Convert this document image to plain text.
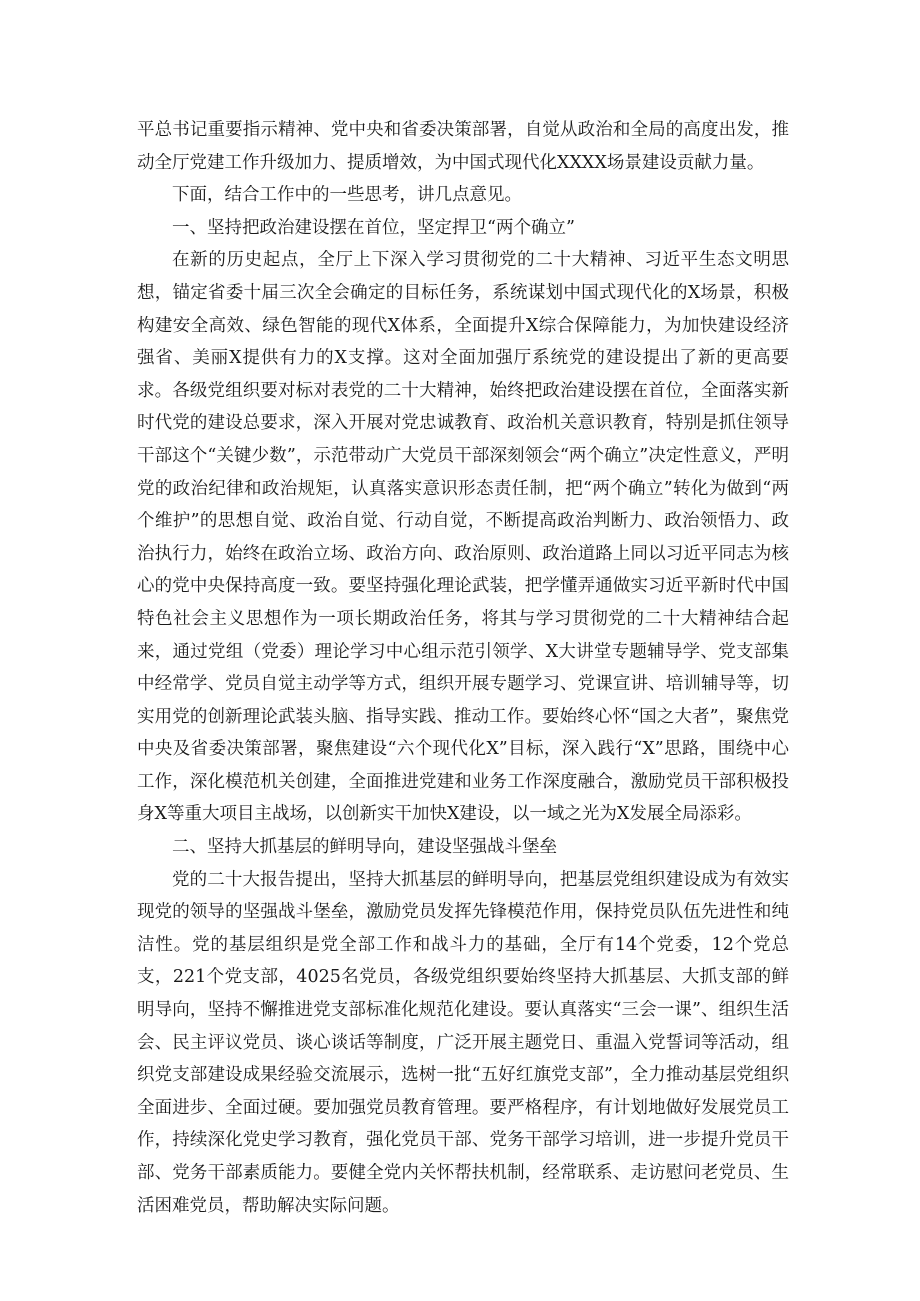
平总书记重要指示精神、党中央和省委决策部署，自觉从政治和全局的高度出发，推动全厅党建工作升级加力、提质增效，为中国式现代化XXXX场景建设贡献力量。

下面，结合工作中的一些思考，讲几点意见。

一、坚持把政治建设摆在首位，坚定捍卫“两个确立”

在新的历史起点，全厅上下深入学习贯彻党的二十大精神、习近平生态文明思想，锚定省委十届三次全会确定的目标任务，系统谋划中国式现代化的X场景，积极构建安全高效、绿色智能的现代X体系，全面提升X综合保障能力，为加快建设经济强省、美丽X提供有力的X支撑。这对全面加强厅系统党的建设提出了新的更高要求。各级党组织要对标对表党的二十大精神，始终把政治建设摆在首位，全面落实新时代党的建设总要求，深入开展对党忠诚教育、政治机关意识教育，特别是抓住领导干部这个“关键少数”，示范带动广大党员干部深刻领会“两个确立”决定性意义，严明党的政治纪律和政治规矩，认真落实意识形态责任制，把“两个确立”转化为做到“两个维护”的思想自觉、政治自觉、行动自觉，不断提高政治判断力、政治领悟力、政治执行力，始终在政治立场、政治方向、政治原则、政治道路上同以习近平同志为核心的党中央保持高度一致。要坚持强化理论武装，把学懂弄通做实习近平新时代中国特色社会主义思想作为一项长期政治任务，将其与学习贯彻党的二十大精神结合起来，通过党组（党委）理论学习中心组示范引领学、X大讲堂专题辅导学、党支部集中经常学、党员自觉主动学等方式，组织开展专题学习、党课宣讲、培训辅导等，切实用党的创新理论武装头脑、指导实践、推动工作。要始终心怀“国之大者”，聚焦党中央及省委决策部署，聚焦建设“六个现代化X”目标，深入践行“X”思路，围绕中心工作，深化模范机关创建，全面推进党建和业务工作深度融合，激励党员干部积极投身X等重大项目主战场，以创新实干加快X建设，以一域之光为X发展全局添彩。

二、坚持大抓基层的鲜明导向，建设坚强战斗堡垒

党的二十大报告提出，坚持大抓基层的鲜明导向，把基层党组织建设成为有效实现党的领导的坚强战斗堡垒，激励党员发挥先锋模范作用，保持党员队伍先进性和纯洁性。党的基层组织是党全部工作和战斗力的基础，全厅有14个党委，12个党总支，221个党支部，4025名党员，各级党组织要始终坚持大抓基层、大抓支部的鲜明导向，坚持不懈推进党支部标准化规范化建设。要认真落实“三会一课”、组织生活会、民主评议党员、谈心谈话等制度，广泛开展主题党日、重温入党誓词等活动，组织党支部建设成果经验交流展示，选树一批“五好红旗党支部”，全力推动基层党组织全面进步、全面过硬。要加强党员教育管理。要严格程序，有计划地做好发展党员工作，持续深化党史学习教育，强化党员干部、党务干部学习培训，进一步提升党员干部、党务干部素质能力。要健全党内关怀帮扶机制，经常联系、走访慰问老党员、生活困难党员，帮助解决实际问题。
